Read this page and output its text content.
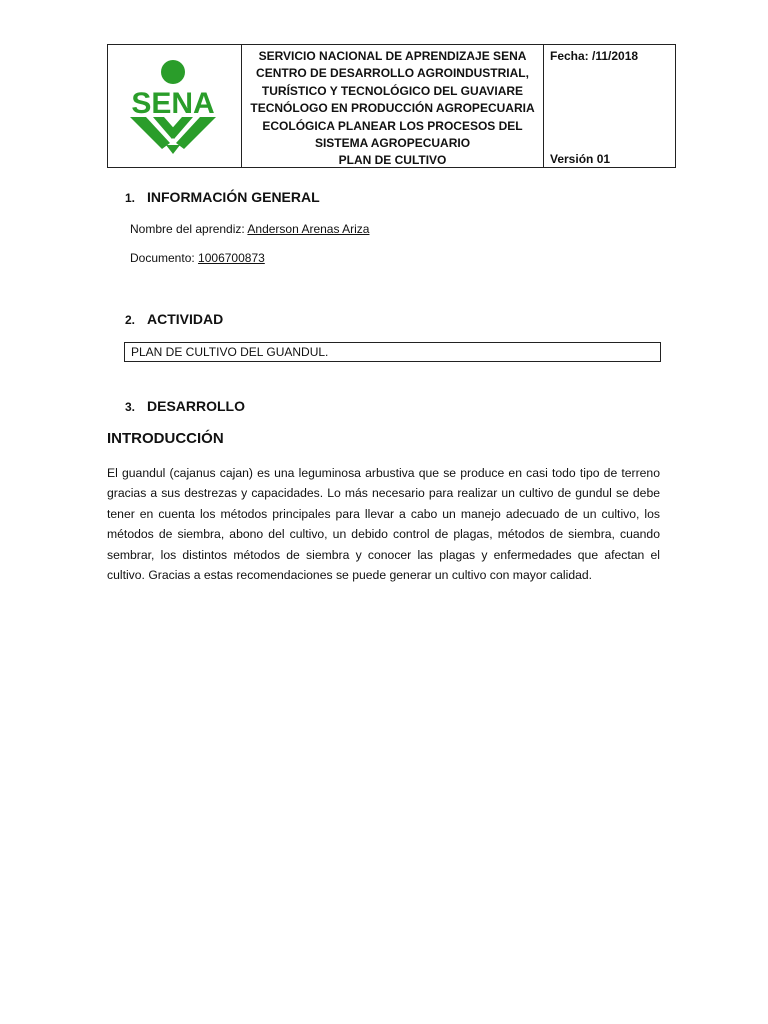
SENA
SERVICIO NACIONAL DE APRENDIZAJE SENA
CENTRO DE DESARROLLO AGROINDUSTRIAL,
TURÍSTICO Y TECNOLÓGICO DEL GUAVIARE
TECNÓLOGO EN PRODUCCIÓN AGROPECUARIA
ECOLÓGICA PLANEAR LOS PROCESOS DEL
SISTEMA AGROPECUARIO
PLAN DE CULTIVO
Fecha: /11/2018
Versión 01
1. INFORMACIÓN GENERAL
Nombre del aprendiz: Anderson Arenas Ariza
Documento: 1006700873
2. ACTIVIDAD
PLAN DE CULTIVO DEL GUANDUL.
3. DESARROLLO
INTRODUCCIÓN
El guandul (cajanus cajan) es una leguminosa arbustiva que se produce en casi todo tipo de terreno gracias a sus destrezas y capacidades. Lo más necesario para realizar un cultivo de gundul se debe tener en cuenta los métodos principales para llevar a cabo un manejo adecuado de un cultivo, los métodos de siembra, abono del cultivo, un debido control de plagas, métodos de siembra, cuando sembrar, los distintos métodos de siembra y conocer las plagas y enfermedades que afectan el cultivo. Gracias a estas recomendaciones se puede generar un cultivo con mayor calidad.
